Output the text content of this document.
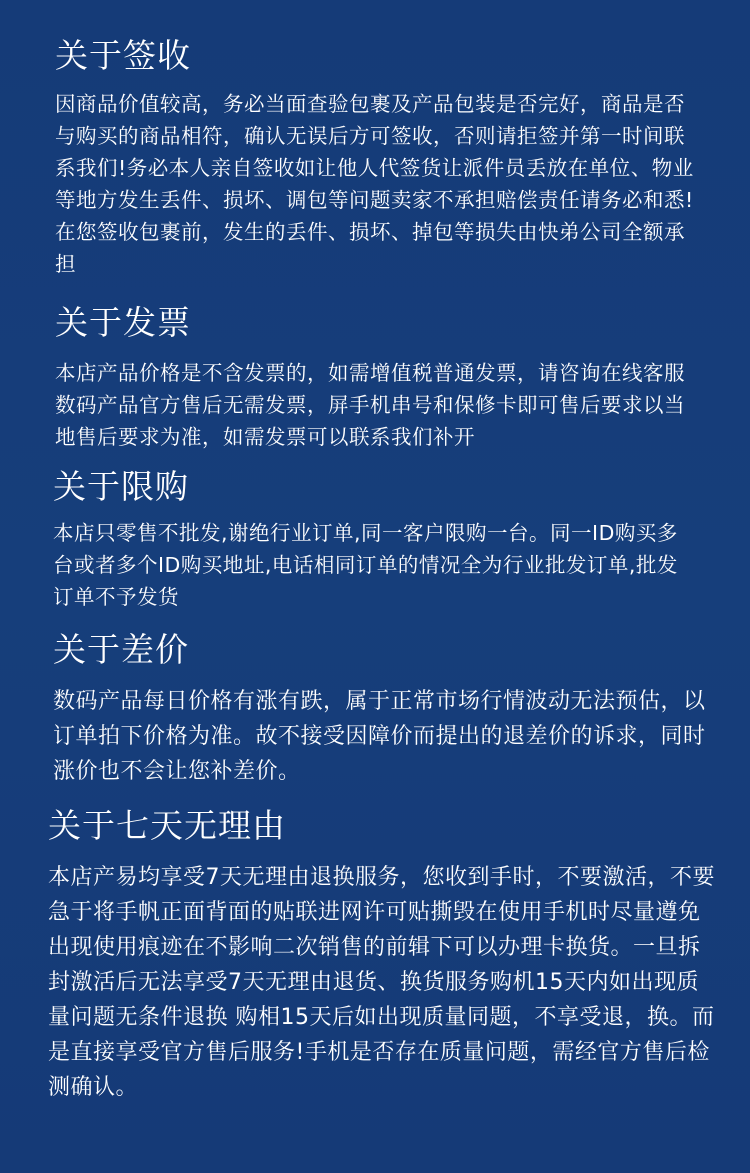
关于签收

因商品价值较高，务必当面查验包裹及产品包装是否完好，商品是否与购买的商品相符，确认无误后方可签收，否则请拒签并第一时间联系我们!务必本人亲自签收如让他人代签货让派件员丢放在单位、物业等地方发生丢件、损坏、调包等问题卖家不承担赔偿责任请务必和悉!在您签收包裹前，发生的丢件、损坏、掉包等损失由快弟公司全额承担

关于发票

本店产品价格是不含发票的，如需增值税普通发票，请咨询在线客服数码产品官方售后无需发票，屏手机串号和保修卡即可售后要求以当地售后要求为准，如需发票可以联系我们补开

关于限购

本店只零售不批发,谢绝行业订单,同一客户限购一台。同一ID购买多台或者多个ID购买地址,电话相同订单的情况全为行业批发订单,批发订单不予发货

关于差价

数码产品每日价格有涨有跌，属于正常市场行情波动无法预估，以订单拍下价格为准。故不接受因障价而提出的退差价的诉求，同时涨价也不会让您补差价。

关于七天无理由

本店产易均享受7天无理由退换服务，您收到手时，不要激活，不要急于将手帆正面背面的贴联进网许可贴撕毁在使用手机时尽量遵免出现使用痕迹在不影响二次销售的前辑下可以办理卡换货。一旦拆封激活后无法享受7天无理由退货、换货服务购机15天内如出现质量问题无条件退换 购相15天后如出现质量同题，不享受退，换。而是直接享受官方售后服务!手机是否存在质量问题，需经官方售后检测确认。
